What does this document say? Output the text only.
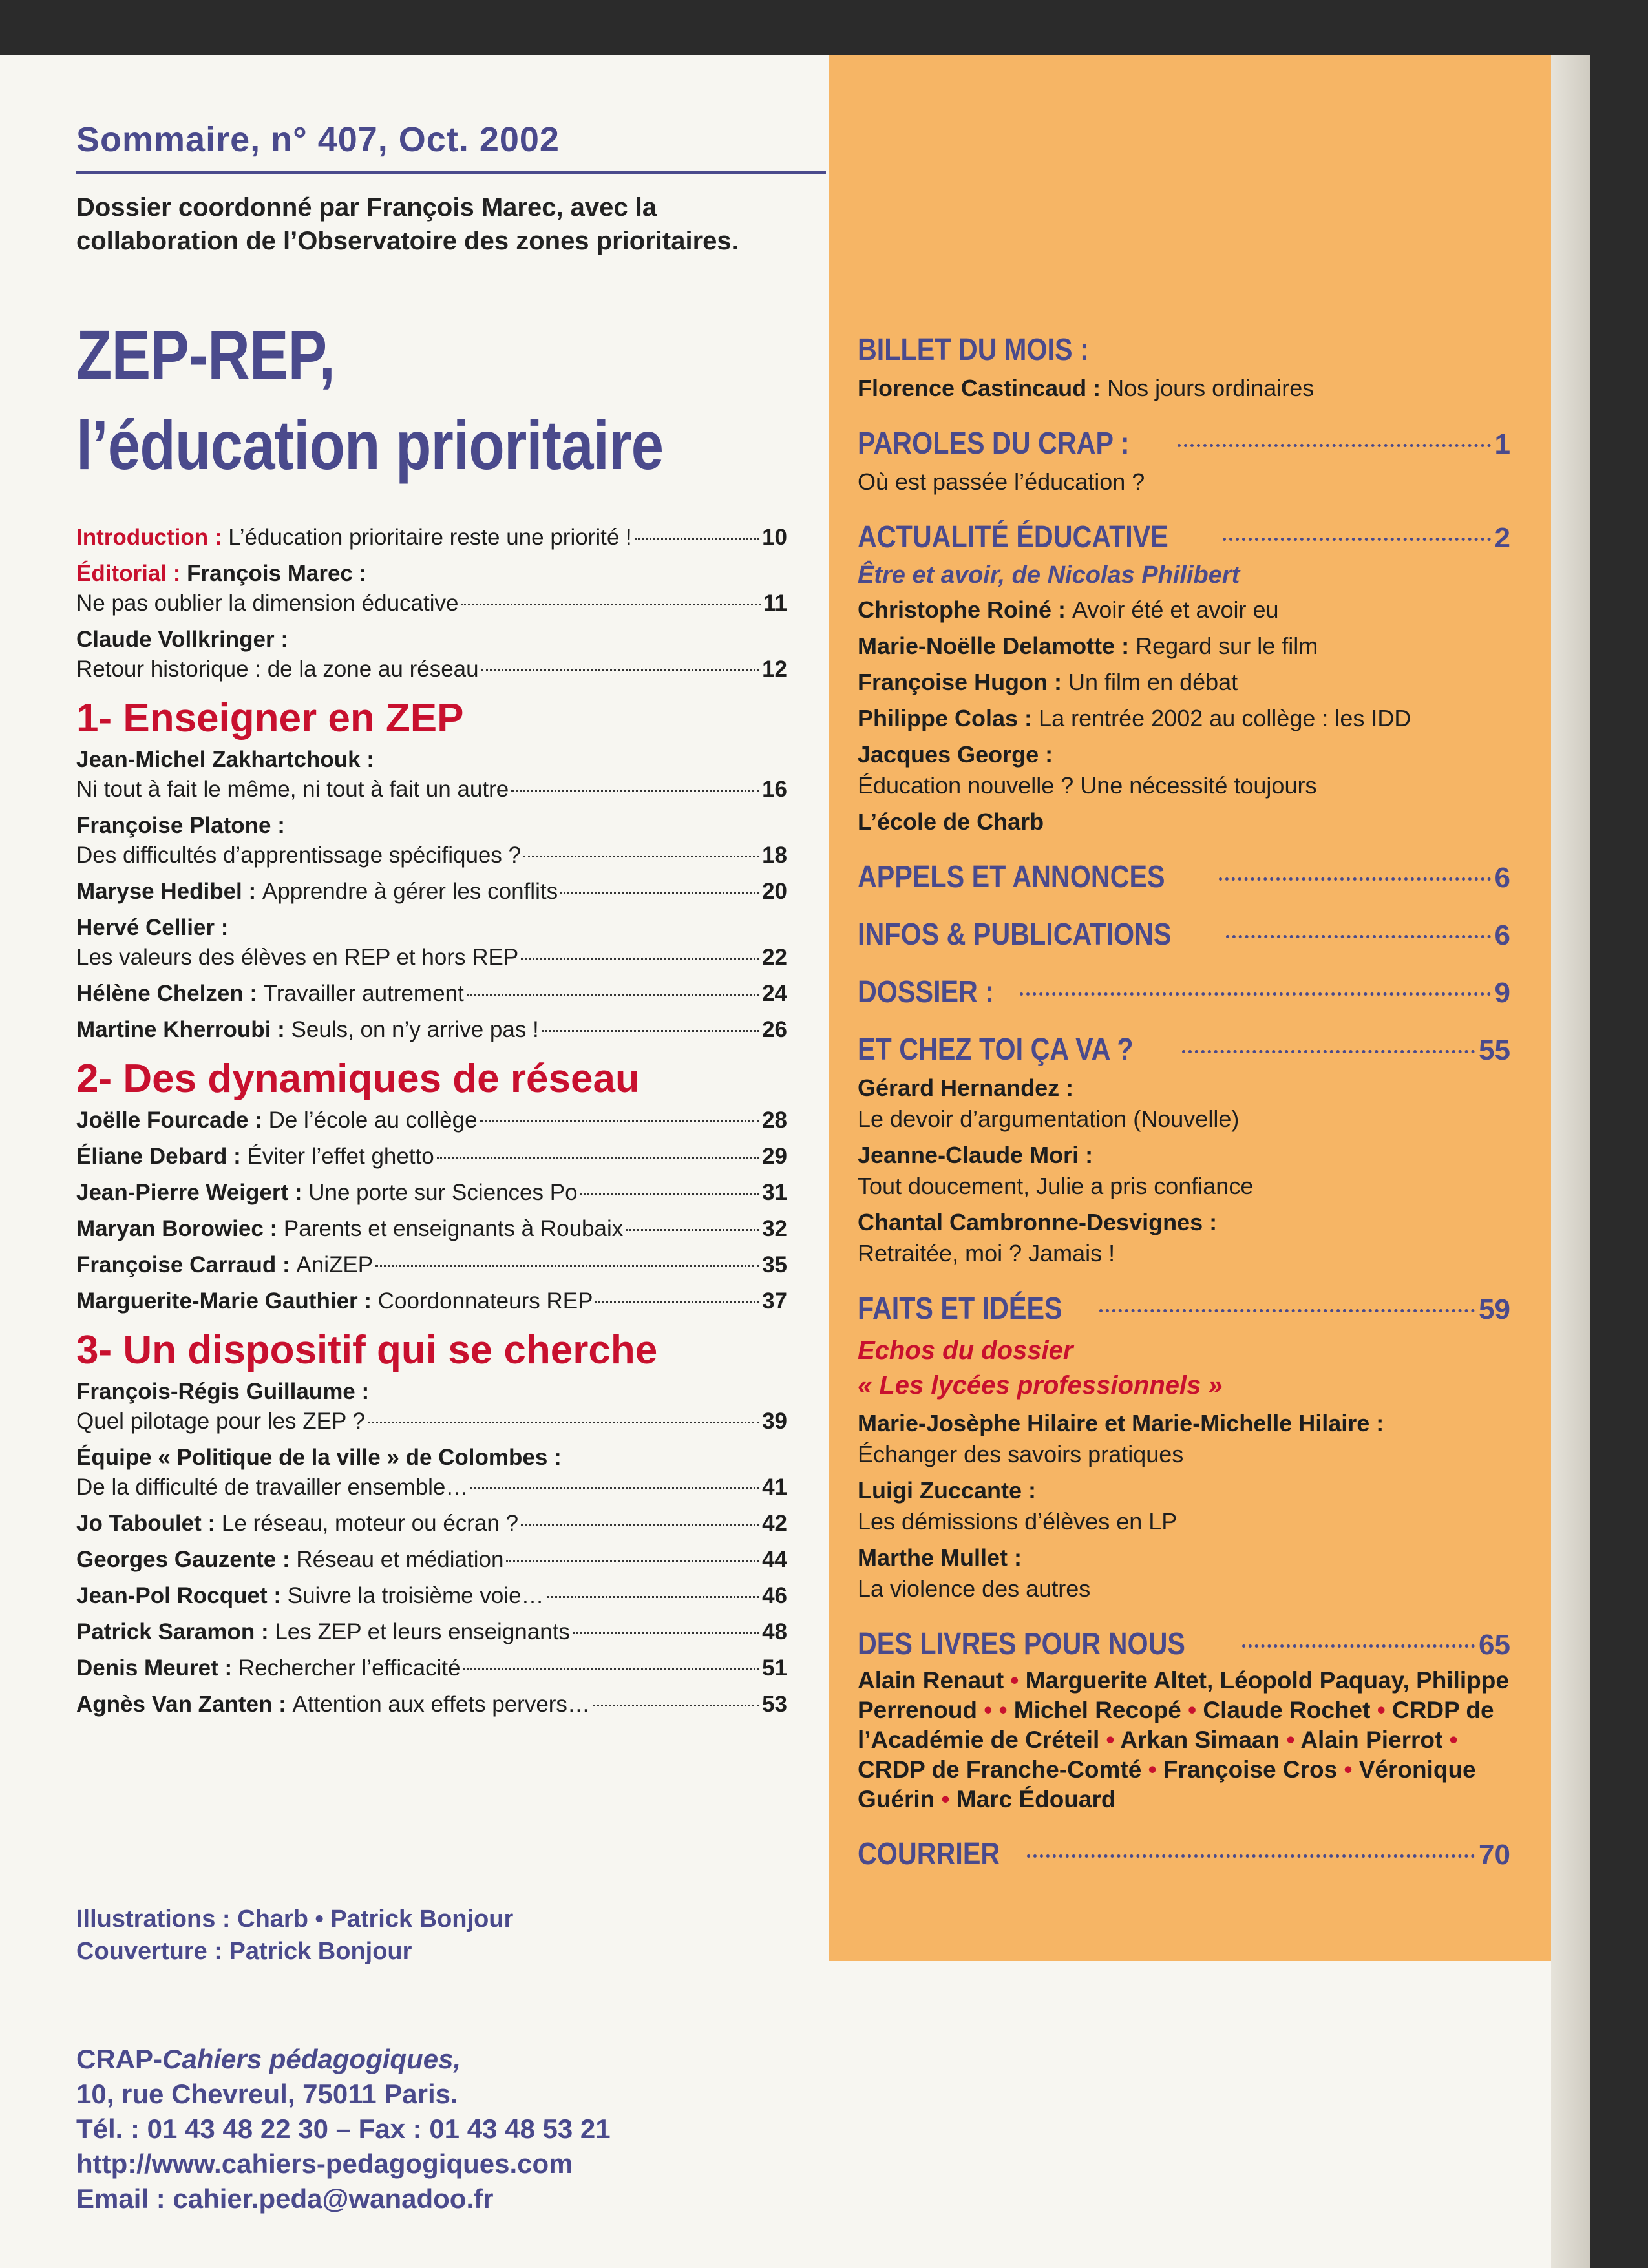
Sommaire, n° 407, Oct. 2002
Dossier coordonné par François Marec, avec la collaboration de l’Observatoire des zones prioritaires.
ZEP-REP,
l’éducation prioritaire
Introduction : L’éducation prioritaire reste une priorité !	10
Éditorial : François Marec :
Ne pas oublier la dimension éducative	11
Claude Vollkringer :
Retour historique : de la zone au réseau	12
1- Enseigner en ZEP
Jean-Michel Zakhartchouk :
Ni tout à fait le même, ni tout à fait un autre	16
Françoise Platone :
Des difficultés d’apprentissage spécifiques ?	18
Maryse Hedibel : Apprendre à gérer les conflits	20
Hervé Cellier :
Les valeurs des élèves en REP et hors REP	22
Hélène Chelzen : Travailler autrement	24
Martine Kherroubi : Seuls, on n’y arrive pas !	26
2- Des dynamiques de réseau
Joëlle Fourcade : De l’école au collège	28
Éliane Debard : Éviter l’effet ghetto	29
Jean-Pierre Weigert : Une porte sur Sciences Po	31
Maryan Borowiec : Parents et enseignants à Roubaix	32
Françoise Carraud : AniZEP	35
Marguerite-Marie Gauthier : Coordonnateurs REP	37
3- Un dispositif qui se cherche
François-Régis Guillaume :
Quel pilotage pour les ZEP ?	39
Équipe « Politique de la ville » de Colombes :
De la difficulté de travailler ensemble…	41
Jo Taboulet : Le réseau, moteur ou écran ?	42
Georges Gauzente : Réseau et médiation	44
Jean-Pol Rocquet : Suivre la troisième voie…	46
Patrick Saramon : Les ZEP et leurs enseignants	48
Denis Meuret : Rechercher l’efficacité	51
Agnès Van Zanten : Attention aux effets pervers…	53
Illustrations : Charb • Patrick Bonjour
Couverture : Patrick Bonjour
CRAP-Cahiers pédagogiques,
10, rue Chevreul, 75011 Paris.
Tél. : 01 43 48 22 30 – Fax : 01 43 48 53 21
http://www.cahiers-pedagogiques.com
Email : cahier.peda@wanadoo.fr
BILLET DU MOIS :
Florence Castincaud : Nos jours ordinaires
PAROLES DU CRAP :	1
Où est passée l’éducation ?
ACTUALITÉ ÉDUCATIVE	2
Être et avoir, de Nicolas Philibert
Christophe Roiné : Avoir été et avoir eu
Marie-Noëlle Delamotte : Regard sur le film
Françoise Hugon : Un film en débat
Philippe Colas : La rentrée 2002 au collège : les IDD
Jacques George :
Éducation nouvelle ? Une nécessité toujours
L’école de Charb
APPELS ET ANNONCES	6
INFOS & PUBLICATIONS	6
DOSSIER :	9
ET CHEZ TOI ÇA VA ?	55
Gérard Hernandez :
Le devoir d’argumentation (Nouvelle)
Jeanne-Claude Mori :
Tout doucement, Julie a pris confiance
Chantal Cambronne-Desvignes :
Retraitée, moi ? Jamais !
FAITS ET IDÉES	59
Echos du dossier
« Les lycées professionnels »
Marie-Josèphe Hilaire et Marie-Michelle Hilaire :
Échanger des savoirs pratiques
Luigi Zuccante :
Les démissions d’élèves en LP
Marthe Mullet :
La violence des autres
DES LIVRES POUR NOUS	65
Alain Renaut • Marguerite Altet, Léopold Paquay, Philippe Perrenoud • • Michel Recopé • Claude Rochet • CRDP de l’Académie de Créteil • Arkan Simaan • Alain Pierrot • CRDP de Franche-Comté • Françoise Cros • Véronique Guérin • Marc Édouard
COURRIER	70
